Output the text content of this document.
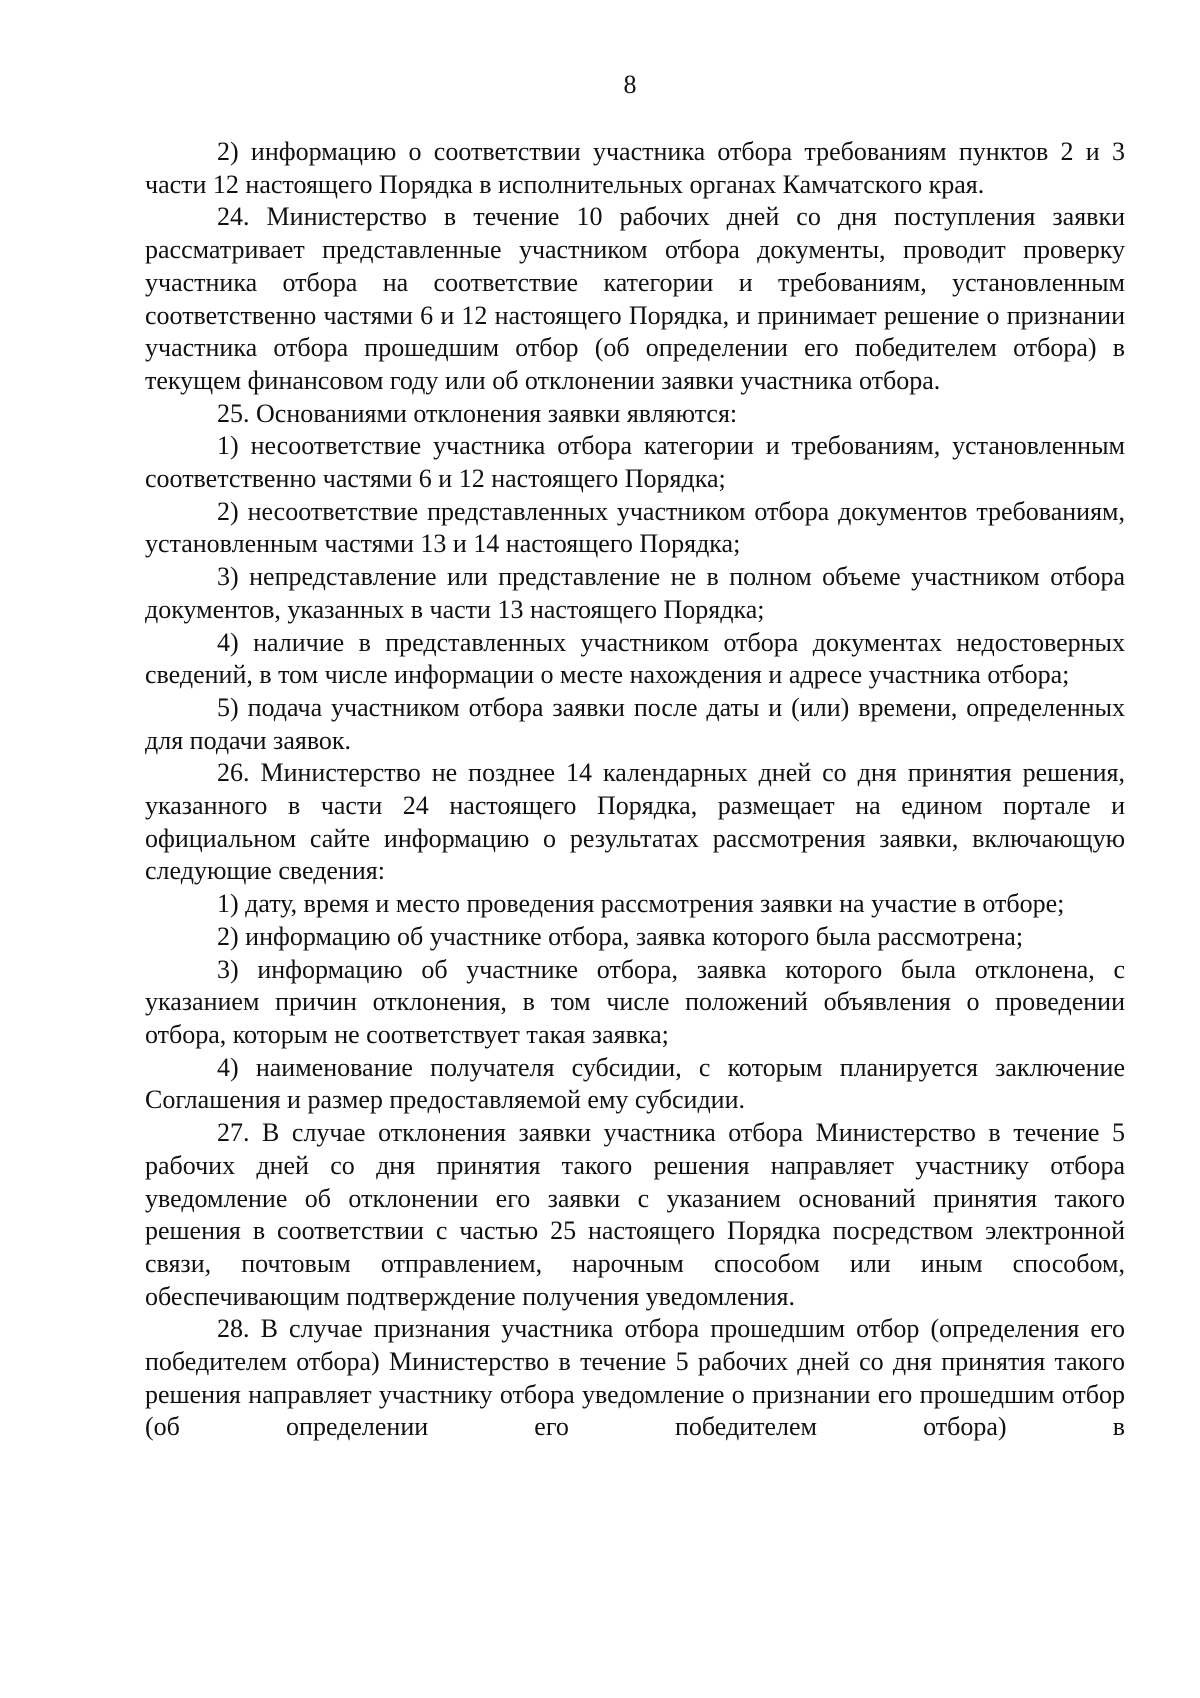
8

2) информацию о соответствии участника отбора требованиям пунктов 2 и 3 части 12 настоящего Порядка в исполнительных органах Камчатского края.

24. Министерство в течение 10 рабочих дней со дня поступления заявки рассматривает представленные участником отбора документы, проводит проверку участника отбора на соответствие категории и требованиям, установленным соответственно частями 6 и 12 настоящего Порядка, и принимает решение о признании участника отбора прошедшим отбор (об определении его победителем отбора) в текущем финансовом году или об отклонении заявки участника отбора.

25. Основаниями отклонения заявки являются:

1) несоответствие участника отбора категории и требованиям, установленным соответственно частями 6 и 12 настоящего Порядка;

2) несоответствие представленных участником отбора документов требованиям, установленным частями 13 и 14 настоящего Порядка;

3) непредставление или представление не в полном объеме участником отбора документов, указанных в части 13 настоящего Порядка;

4) наличие в представленных участником отбора документах недостоверных сведений, в том числе информации о месте нахождения и адресе участника отбора;

5) подача участником отбора заявки после даты и (или) времени, определенных для подачи заявок.

26. Министерство не позднее 14 календарных дней со дня принятия решения, указанного в части 24 настоящего Порядка, размещает на едином портале и официальном сайте информацию о результатах рассмотрения заявки, включающую следующие сведения:

1) дату, время и место проведения рассмотрения заявки на участие в отборе;

2) информацию об участнике отбора, заявка которого была рассмотрена;

3) информацию об участнике отбора, заявка которого была отклонена, с указанием причин отклонения, в том числе положений объявления о проведении отбора, которым не соответствует такая заявка;

4) наименование получателя субсидии, с которым планируется заключение Соглашения и размер предоставляемой ему субсидии.

27. В случае отклонения заявки участника отбора Министерство в течение 5 рабочих дней со дня принятия такого решения направляет участнику отбора уведомление об отклонении его заявки с указанием оснований принятия такого решения в соответствии с частью 25 настоящего Порядка посредством электронной связи, почтовым отправлением, нарочным способом или иным способом, обеспечивающим подтверждение получения уведомления.

28. В случае признания участника отбора прошедшим отбор (определения его победителем отбора) Министерство в течение 5 рабочих дней со дня принятия такого решения направляет участнику отбора уведомление о признании его прошедшим отбор (об определении его победителем отбора) в
